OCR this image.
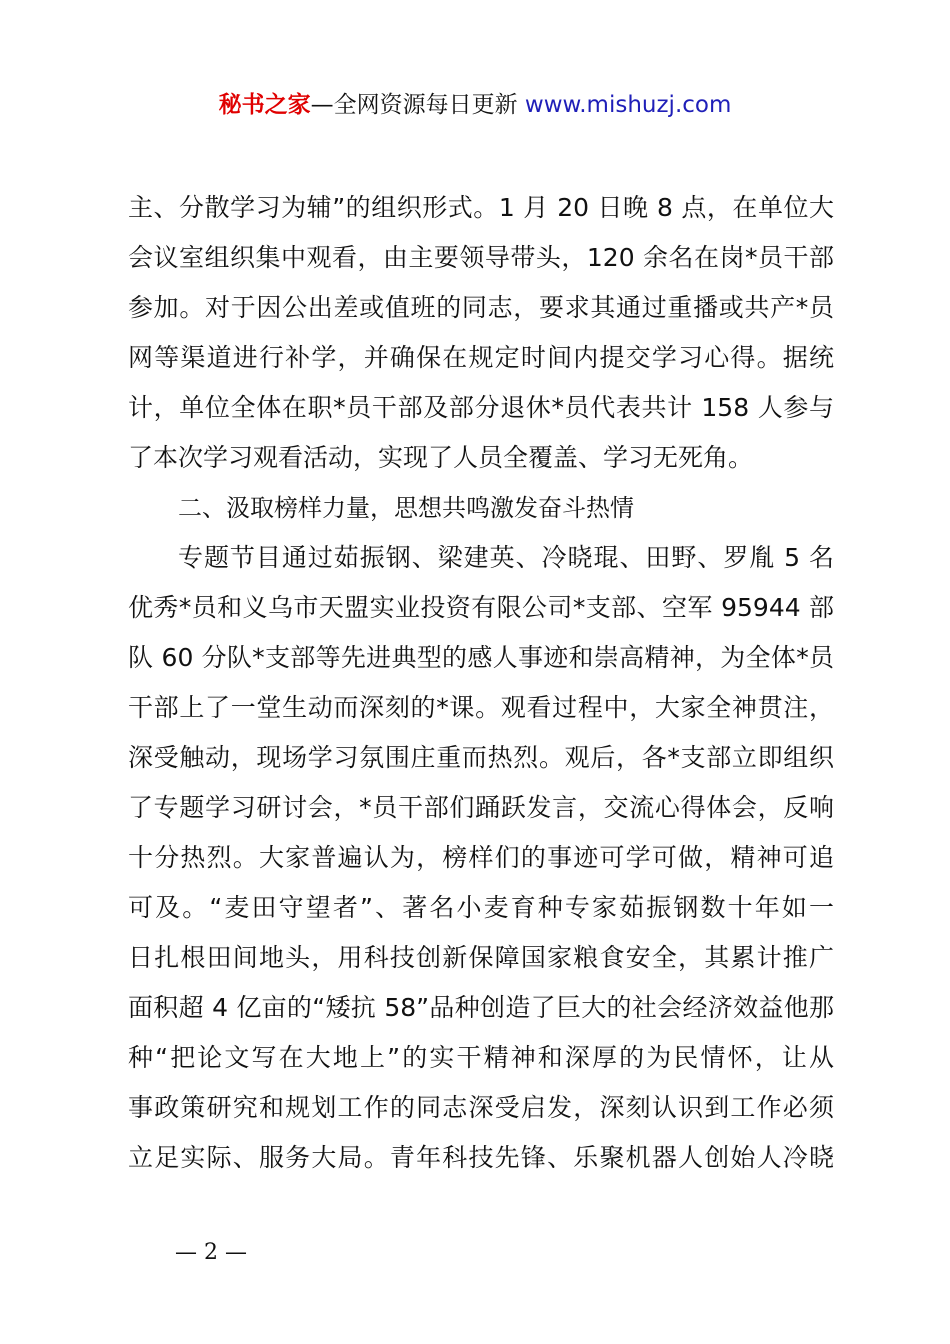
秘书之家—全网资源每日更新 www.mishuzj.com
主、分散学习为辅”的组织形式。1 月 20 日晚 8 点，在单位大
会议室组织集中观看，由主要领导带头，120 余名在岗*员干部
参加。对于因公出差或值班的同志，要求其通过重播或共产*员
网等渠道进行补学，并确保在规定时间内提交学习心得。据统
计，单位全体在职*员干部及部分退休*员代表共计 158 人参与
了本次学习观看活动，实现了人员全覆盖、学习无死角。
二、汲取榜样力量，思想共鸣激发奋斗热情
专题节目通过茹振钢、梁建英、冷晓琨、田野、罗胤 5 名
优秀*员和义乌市天盟实业投资有限公司*支部、空军 95944 部
队 60 分队*支部等先进典型的感人事迹和崇高精神，为全体*员
干部上了一堂生动而深刻的*课。观看过程中，大家全神贯注，
深受触动，现场学习氛围庄重而热烈。观后，各*支部立即组织
了专题学习研讨会，*员干部们踊跃发言，交流心得体会，反响
十分热烈。大家普遍认为，榜样们的事迹可学可做，精神可追
可及。“麦田守望者”、著名小麦育种专家茹振钢数十年如一
日扎根田间地头，用科技创新保障国家粮食安全，其累计推广
面积超 4 亿亩的“矮抗 58”品种创造了巨大的社会经济效益他那
种“把论文写在大地上”的实干精神和深厚的为民情怀，让从
事政策研究和规划工作的同志深受启发，深刻认识到工作必须
立足实际、服务大局。青年科技先锋、乐聚机器人创始人冷晓
— 2 —
